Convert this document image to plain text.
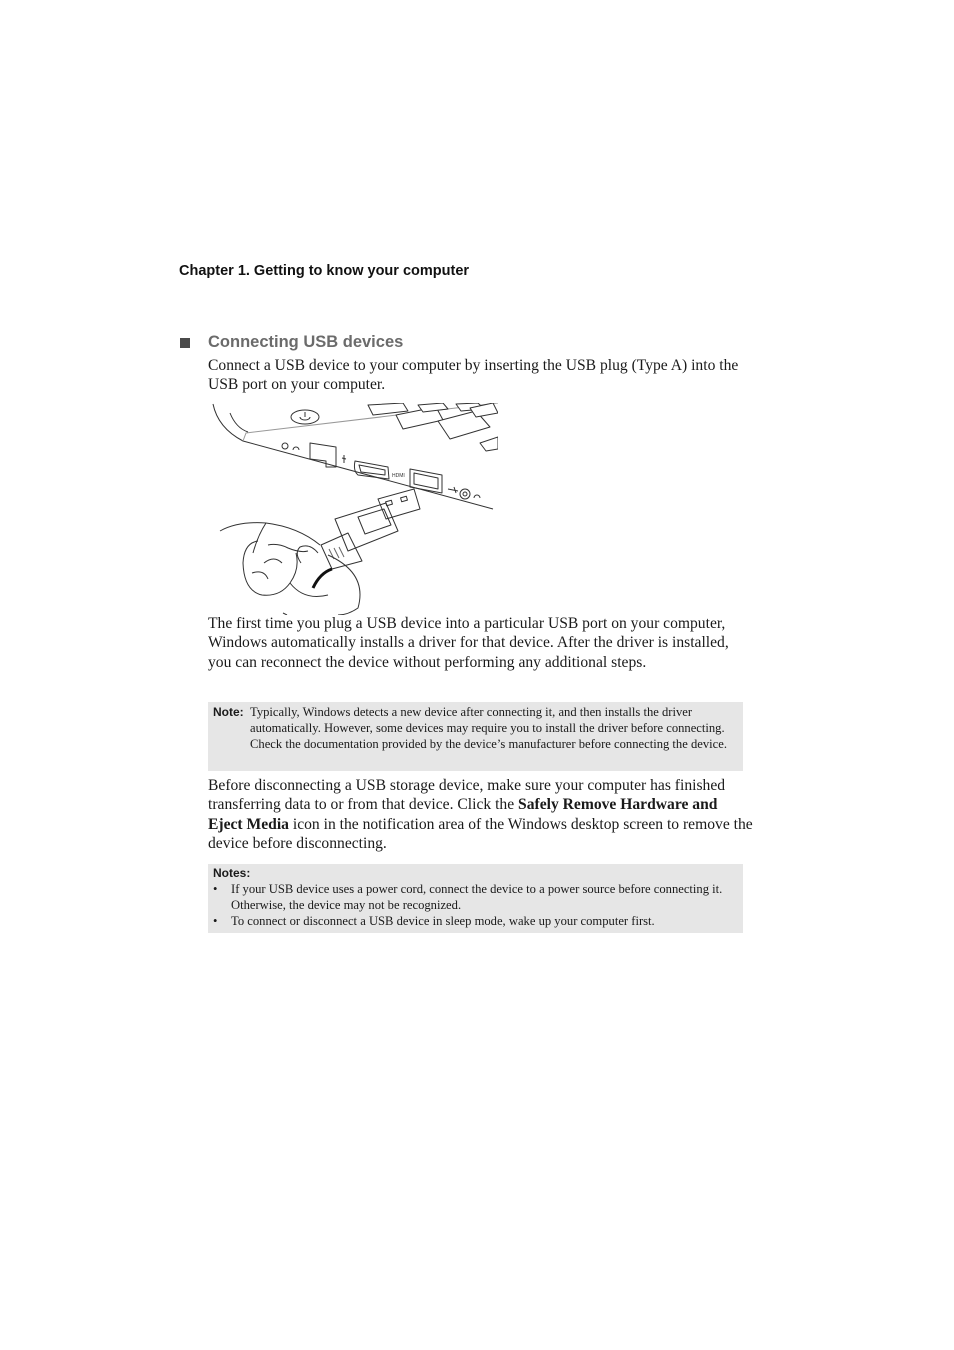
Chapter 1. Getting to know your computer
Connecting USB devices
Connect a USB device to your computer by inserting the USB plug (Type A) into the USB port on your computer.
HDMI
The first time you plug a USB device into a particular USB port on your computer, Windows automatically installs a driver for that device. After the driver is installed, you can reconnect the device without performing any additional steps.
Note: Typically, Windows detects a new device after connecting it, and then installs the driver automatically. However, some devices may require you to install the driver before connecting. Check the documentation provided by the device’s manufacturer before connecting the device.
Before disconnecting a USB storage device, make sure your computer has finished transferring data to or from that device. Click the Safely Remove Hardware and Eject Media icon in the notification area of the Windows desktop screen to remove the device before disconnecting.
Notes:
•	If your USB device uses a power cord, connect the device to a power source before connecting it. Otherwise, the device may not be recognized.
•	To connect or disconnect a USB device in sleep mode, wake up your computer first.
